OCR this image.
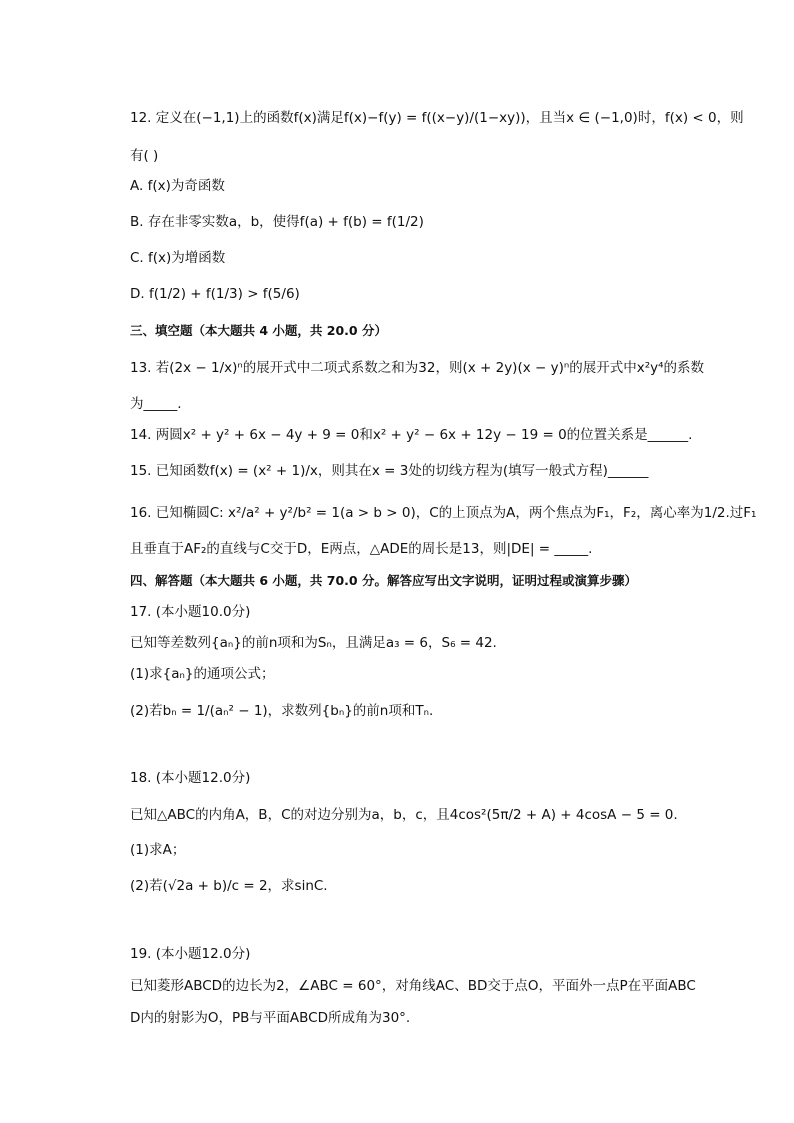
12. 定义在(−1,1)上的函数f(x)满足f(x)−f(y) = f((x−y)/(1−xy))，且当x ∈ (−1,0)时，f(x) < 0，则
有( )
A. f(x)为奇函数
B. 存在非零实数a，b，使得f(a) + f(b) = f(1/2)
C. f(x)为增函数
D. f(1/2) + f(1/3) > f(5/6)
三、填空题（本大题共 4 小题，共 20.0 分）
13. 若(2x − 1/x)ⁿ的展开式中二项式系数之和为32，则(x + 2y)(x − y)ⁿ的展开式中x²y⁴的系数
为_____.
14. 两圆x² + y² + 6x − 4y + 9 = 0和x² + y² − 6x + 12y − 19 = 0的位置关系是______.
15. 已知函数f(x) = (x² + 1)/x，则其在x = 3处的切线方程为(填写一般式方程)______
16. 已知椭圆C: x²/a² + y²/b² = 1(a > b > 0)，C的上顶点为A，两个焦点为F₁，F₂，离心率为1/2.过F₁
且垂直于AF₂的直线与C交于D，E两点，△ADE的周长是13，则|DE| = _____.
四、解答题（本大题共 6 小题，共 70.0 分。解答应写出文字说明，证明过程或演算步骤）
17. (本小题10.0分)
已知等差数列{aₙ}的前n项和为Sₙ，且满足a₃ = 6，S₆ = 42.
(1)求{aₙ}的通项公式；
(2)若bₙ = 1/(aₙ² − 1)，求数列{bₙ}的前n项和Tₙ.
18. (本小题12.0分)
已知△ABC的内角A，B，C的对边分别为a，b，c，且4cos²(5π/2 + A) + 4cosA − 5 = 0.
(1)求A；
(2)若(√2a + b)/c = 2，求sinC.
19. (本小题12.0分)
已知菱形ABCD的边长为2，∠ABC = 60°，对角线AC、BD交于点O，平面外一点P在平面ABC
D内的射影为O，PB与平面ABCD所成角为30°.
